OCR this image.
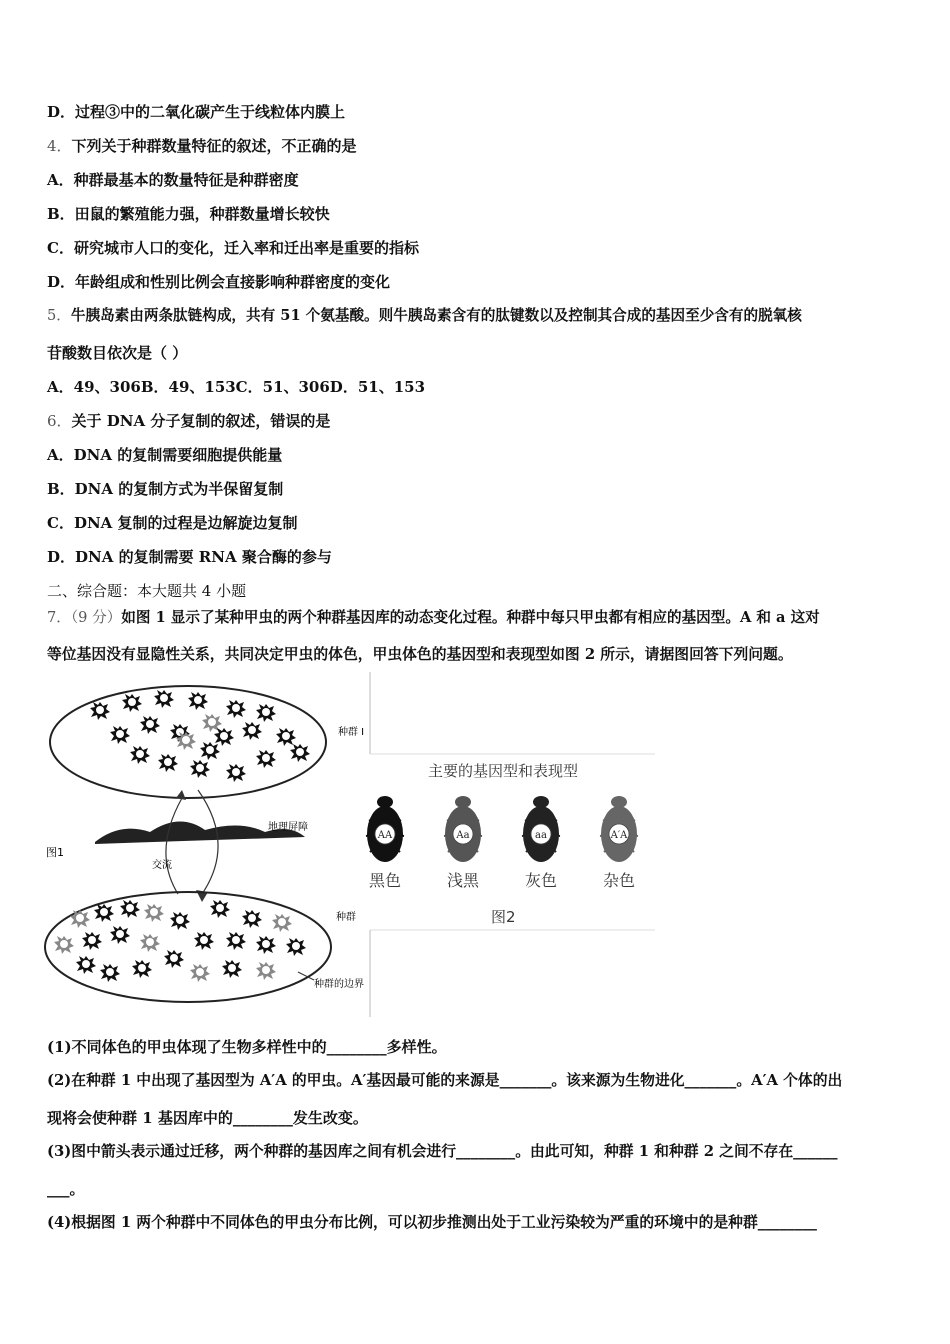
D．过程③中的二氧化碳产生于线粒体内膜上
4．下列关于种群数量特征的叙述，不正确的是
A．种群最基本的数量特征是种群密度
B．田鼠的繁殖能力强，种群数量增长较快
C．研究城市人口的变化，迁入率和迁出率是重要的指标
D．年龄组成和性别比例会直接影响种群密度的变化
5．牛胰岛素由两条肽链构成，共有 51 个氨基酸。则牛胰岛素含有的肽键数以及控制其合成的基因至少含有的脱氧核
苷酸数目依次是（ ）
A．49、306B．49、153C．51、306D．51、153
6．关于 DNA 分子复制的叙述，错误的是
A．DNA 的复制需要细胞提供能量
B．DNA 的复制方式为半保留复制
C．DNA 复制的过程是边解旋边复制
D．DNA 的复制需要 RNA 聚合酶的参与
二、综合题：本大题共 4 小题
7．（9 分）如图 1 显示了某种甲虫的两个种群基因库的动态变化过程。种群中每只甲虫都有相应的基因型。A 和 a 这对
等位基因没有显隐性关系，共同决定甲虫的体色，甲虫体色的基因型和表现型如图 2 所示，请据图回答下列问题。
种群 I
地理屏障
图1
交流
种群
种群的边界
主要的基因型和表现型
AA
黑色
Aa
浅黑
aa
灰色
A′A
杂色
图2
(1)不同体色的甲虫体现了生物多样性中的________多样性。
(2)在种群 1 中出现了基因型为 A′A 的甲虫。A′基因最可能的来源是_______。该来源为生物进化_______。A′A 个体的出
现将会使种群 1 基因库中的________发生改变。
(3)图中箭头表示通过迁移，两个种群的基因库之间有机会进行________。由此可知，种群 1 和种群 2 之间不存在______
___。
(4)根据图 1 两个种群中不同体色的甲虫分布比例，可以初步推测出处于工业污染较为严重的环境中的是种群________
